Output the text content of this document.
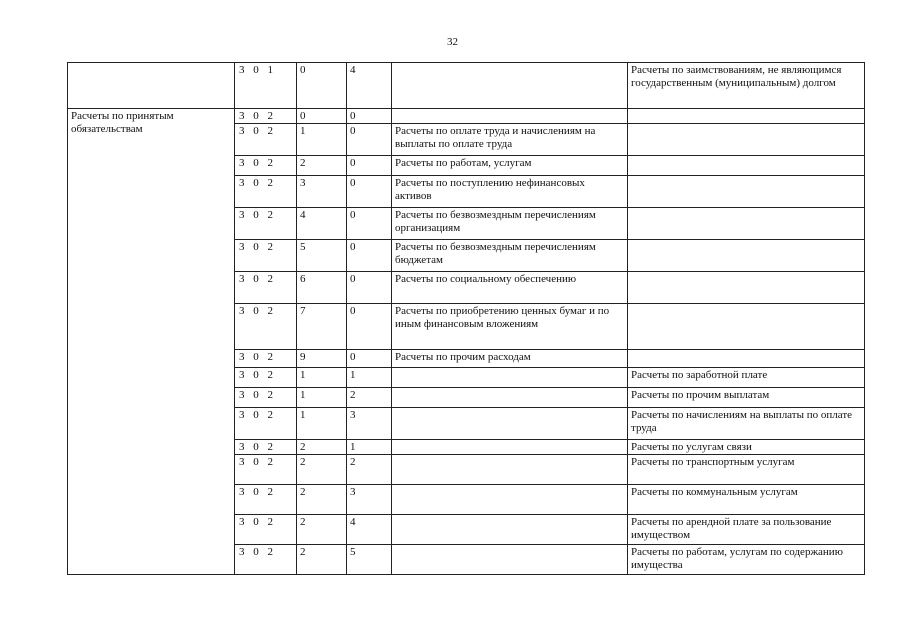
32
	3 0 1	0	4		Расчеты по заимствованиям, не являющимся государственным (муниципальным) долгом
Расчеты по принятым обязательствам	3 0 2	0	0		
	3 0 2	1	0	Расчеты по оплате труда и начислениям на выплаты по оплате труда	
	3 0 2	2	0	Расчеты по работам, услугам	
	3 0 2	3	0	Расчеты по поступлению нефинансовых активов	
	3 0 2	4	0	Расчеты по безвозмездным перечислениям организациям	
	3 0 2	5	0	Расчеты по безвозмездным перечислениям бюджетам	
	3 0 2	6	0	Расчеты по социальному обеспечению	
	3 0 2	7	0	Расчеты по приобретению ценных бумаг и по иным финансовым вложениям	
	3 0 2	9	0	Расчеты по прочим расходам	
	3 0 2	1	1		Расчеты по заработной плате
	3 0 2	1	2		Расчеты по прочим выплатам
	3 0 2	1	3		Расчеты по начислениям на выплаты по оплате труда
	3 0 2	2	1		Расчеты по услугам связи
	3 0 2	2	2		Расчеты по транспортным услугам
	3 0 2	2	3		Расчеты по коммунальным услугам
	3 0 2	2	4		Расчеты по арендной плате за пользование имуществом
	3 0 2	2	5		Расчеты по работам, услугам по содержанию имущества
